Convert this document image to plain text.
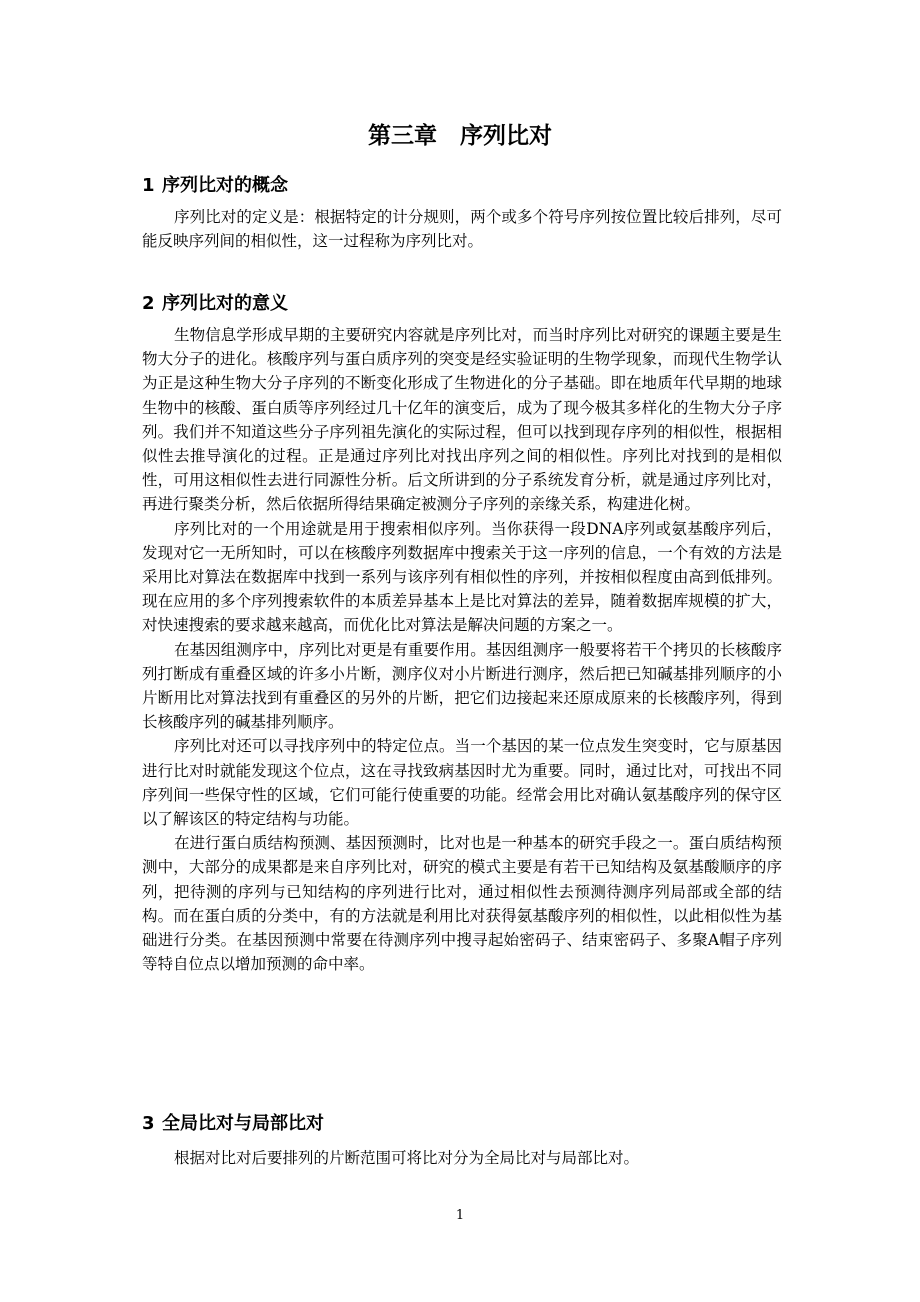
第三章　序列比对
1 序列比对的概念

序列比对的定义是：根据特定的计分规则，两个或多个符号序列按位置比较后排列，尽可能反映序列间的相似性，这一过程称为序列比对。

2 序列比对的意义

生物信息学形成早期的主要研究内容就是序列比对，而当时序列比对研究的课题主要是生物大分子的进化。核酸序列与蛋白质序列的突变是经实验证明的生物学现象，而现代生物学认为正是这种生物大分子序列的不断变化形成了生物进化的分子基础。即在地质年代早期的地球生物中的核酸、蛋白质等序列经过几十亿年的演变后，成为了现今极其多样化的生物大分子序列。我们并不知道这些分子序列祖先演化的实际过程，但可以找到现存序列的相似性，根据相似性去推导演化的过程。正是通过序列比对找出序列之间的相似性。序列比对找到的是相似性，可用这相似性去进行同源性分析。后文所讲到的分子系统发育分析，就是通过序列比对，再进行聚类分析，然后依据所得结果确定被测分子序列的亲缘关系，构建进化树。

序列比对的一个用途就是用于搜索相似序列。当你获得一段DNA序列或氨基酸序列后，发现对它一无所知时，可以在核酸序列数据库中搜索关于这一序列的信息，一个有效的方法是采用比对算法在数据库中找到一系列与该序列有相似性的序列，并按相似程度由高到低排列。现在应用的多个序列搜索软件的本质差异基本上是比对算法的差异，随着数据库规模的扩大，对快速搜索的要求越来越高，而优化比对算法是解决问题的方案之一。

在基因组测序中，序列比对更是有重要作用。基因组测序一般要将若干个拷贝的长核酸序列打断成有重叠区域的许多小片断，测序仪对小片断进行测序，然后把已知碱基排列顺序的小片断用比对算法找到有重叠区的另外的片断，把它们边接起来还原成原来的长核酸序列，得到长核酸序列的碱基排列顺序。

序列比对还可以寻找序列中的特定位点。当一个基因的某一位点发生突变时，它与原基因进行比对时就能发现这个位点，这在寻找致病基因时尤为重要。同时，通过比对，可找出不同序列间一些保守性的区域，它们可能行使重要的功能。经常会用比对确认氨基酸序列的保守区以了解该区的特定结构与功能。

在进行蛋白质结构预测、基因预测时，比对也是一种基本的研究手段之一。蛋白质结构预测中，大部分的成果都是来自序列比对，研究的模式主要是有若干已知结构及氨基酸顺序的序列，把待测的序列与已知结构的序列进行比对，通过相似性去预测待测序列局部或全部的结构。而在蛋白质的分类中，有的方法就是利用比对获得氨基酸序列的相似性，以此相似性为基础进行分类。在基因预测中常要在待测序列中搜寻起始密码子、结束密码子、多聚A帽子序列等特自位点以增加预测的命中率。

3 全局比对与局部比对

根据对比对后要排列的片断范围可将比对分为全局比对与局部比对。

1
